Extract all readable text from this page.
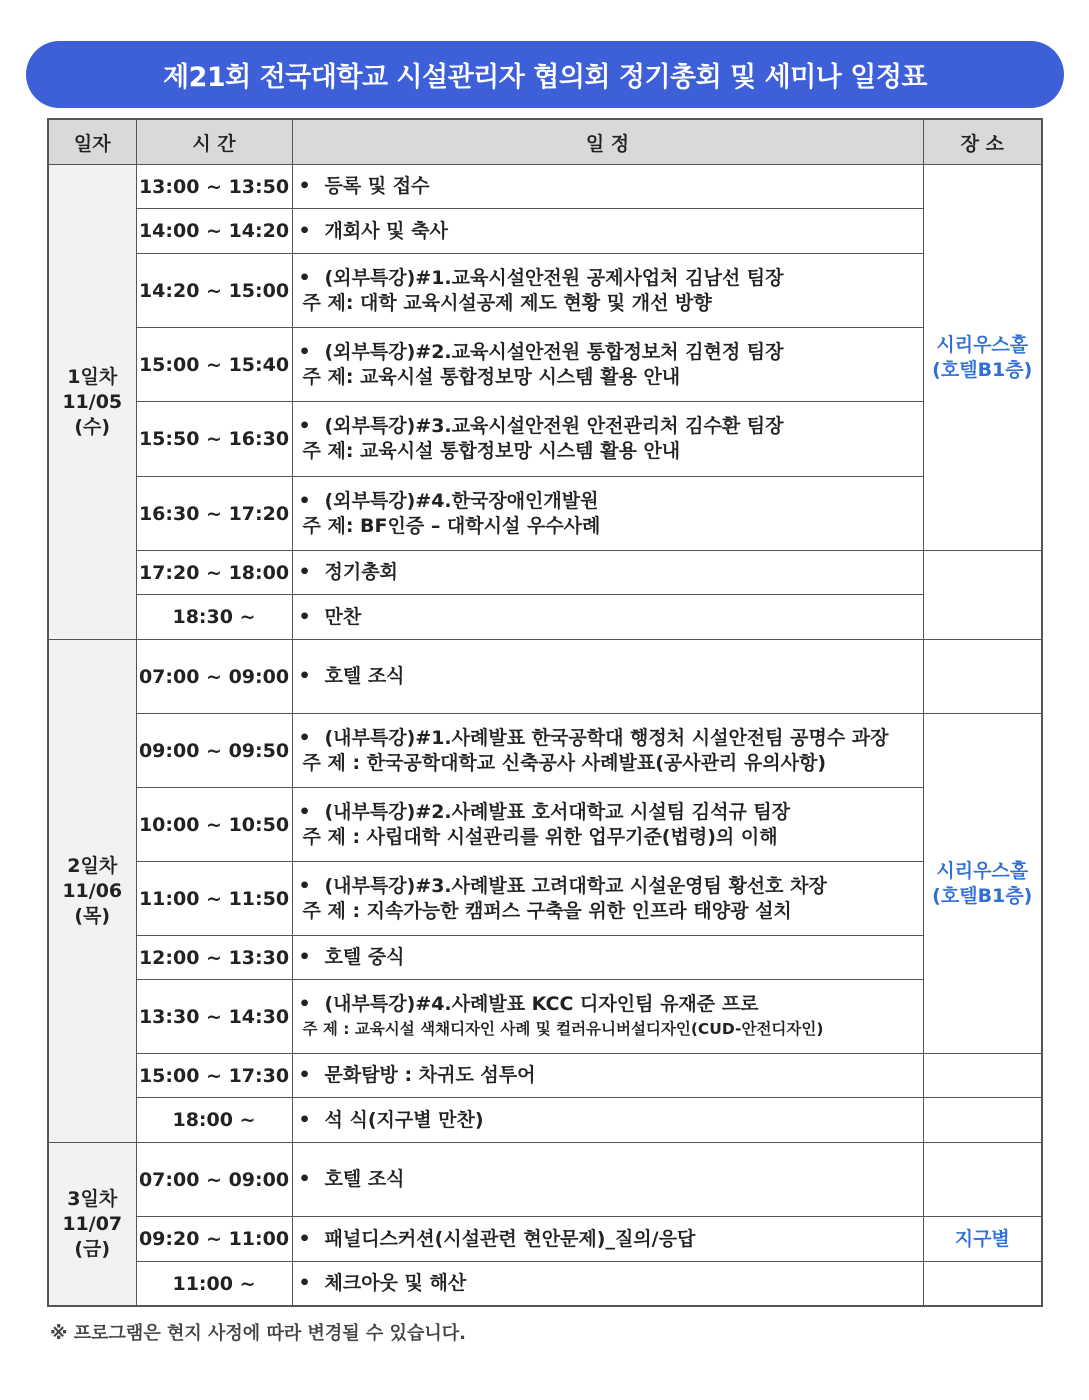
제21회 전국대학교 시설관리자 협의회 정기총회 및 세미나 일정표
일자	시 간	일 정	장 소

1일차
11/05
(수)	13:00 ~ 13:50	• 등록 및 접수	시리우스홀
(호텔B1층)

	14:00 ~ 14:20	• 개회사 및 축사	

	14:20 ~ 15:00	• (외부특강)#1.교육시설안전원 공제사업처 김남선 팀장
주 제: 대학 교육시설공제 제도 현황 및 개선 방향	

	15:00 ~ 15:40	• (외부특강)#2.교육시설안전원 통합정보처 김현정 팀장
주 제: 교육시설 통합정보망 시스템 활용 안내	

	15:50 ~ 16:30	• (외부특강)#3.교육시설안전원 안전관리처 김수환 팀장
주 제: 교육시설 통합정보망 시스템 활용 안내	

	16:30 ~ 17:20	• (외부특강)#4.한국장애인개발원
주 제: BF인증 – 대학시설 우수사례	

	17:20 ~ 18:00	• 정기총회	

	18:30 ~	• 만찬	

2일차
11/06
(목)	07:00 ~ 09:00	• 호텔 조식	

	09:00 ~ 09:50	• (내부특강)#1.사례발표 한국공학대 행정처 시설안전팀 공명수 과장
주 제 : 한국공학대학교 신축공사 사례발표(공사관리 유의사항)	시리우스홀
(호텔B1층)

	10:00 ~ 10:50	• (내부특강)#2.사례발표 호서대학교 시설팀 김석규 팀장
주 제 : 사립대학 시설관리를 위한 업무기준(법령)의 이해	

	11:00 ~ 11:50	• (내부특강)#3.사례발표 고려대학교 시설운영팀 황선호 차장
주 제 : 지속가능한 캠퍼스 구축을 위한 인프라 태양광 설치	

	12:00 ~ 13:30	• 호텔 중식	

	13:30 ~ 14:30	• (내부특강)#4.사례발표 KCC 디자인팀 유재준 프로
주 제 : 교육시설 색채디자인 사례 및 컬러유니버설디자인(CUD-안전디자인)	

	15:00 ~ 17:30	• 문화탐방 : 차귀도 섬투어	

	18:00 ~	• 석 식(지구별 만찬)	

3일차
11/07
(금)	07:00 ~ 09:00	• 호텔 조식	

	09:20 ~ 11:00	• 패널디스커션(시설관련 현안문제)_질의/응답	지구별

	11:00 ~	• 체크아웃 및 해산	

※ 프로그램은 현지 사정에 따라 변경될 수 있습니다.
